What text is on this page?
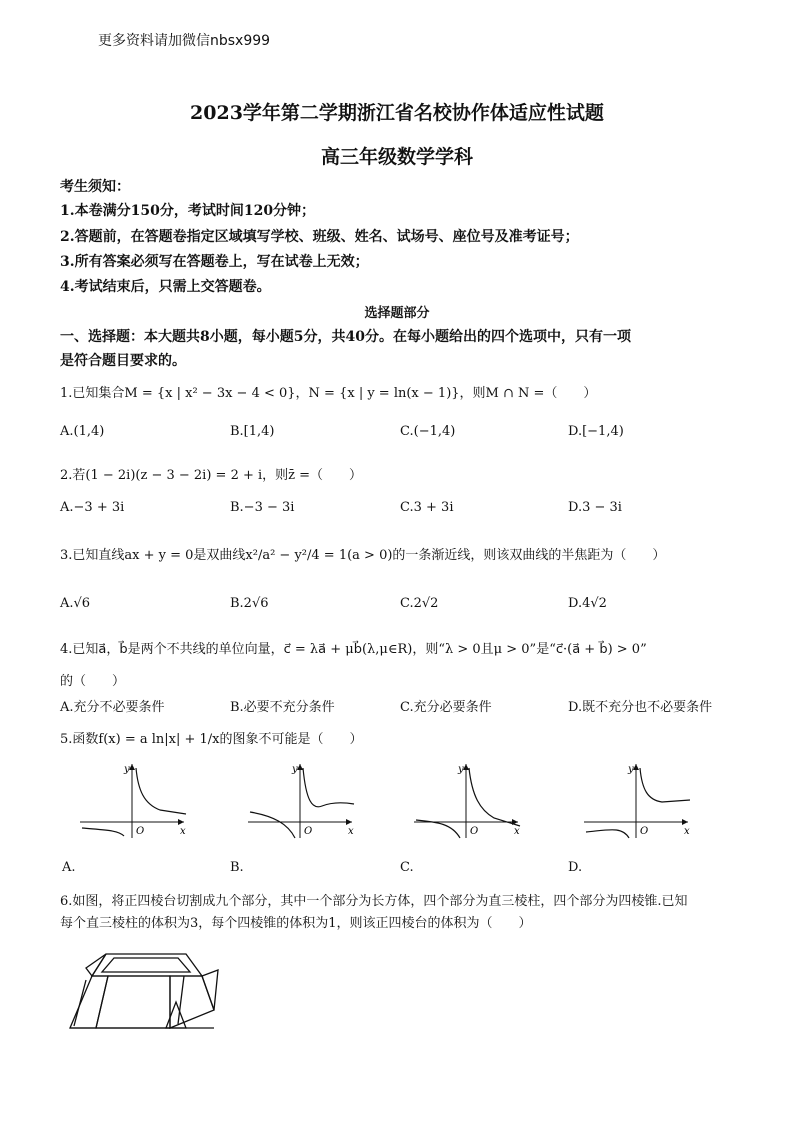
更多资料请加微信nbsx999
2023学年第二学期浙江省名校协作体适应性试题
高三年级数学学科
考生须知：
1.本卷满分150分，考试时间120分钟；
2.答题前，在答题卷指定区域填写学校、班级、姓名、试场号、座位号及准考证号；
3.所有答案必须写在答题卷上，写在试卷上无效；
4.考试结束后，只需上交答题卷。
选择题部分
一、选择题：本大题共8小题，每小题5分，共40分。在每小题给出的四个选项中，只有一项
是符合题目要求的。
1.已知集合M = {x | x² − 3x − 4 < 0}，N = {x | y = ln(x − 1)}，则M ∩ N =（　　）
A.(1,4)	B.[1,4)	C.(−1,4)	D.[−1,4)
2.若(1 − 2i)(z − 3 − 2i) = 2 + i，则z̄ =（　　）
A.−3 + 3i	B.−3 − 3i	C.3 + 3i	D.3 − 3i
3.已知直线ax + y = 0是双曲线x²/a² − y²/4 = 1(a > 0)的一条渐近线，则该双曲线的半焦距为（　　）
A.√6	B.2√6	C.2√2	D.4√2
4.已知a⃗，b⃗是两个不共线的单位向量，c⃗ = λa⃗ + μb⃗(λ,μ∈R)，则“λ > 0且μ > 0”是“c⃗·(a⃗ + b⃗) > 0”
的（　　）
A.充分不必要条件	B.必要不充分条件	C.充分必要条件	D.既不充分也不必要条件
5.函数f(x) = a ln|x| + 1/x的图象不可能是（　　）
y
x
O
A.
y
x
O
B.
y
x
O
C.
y
x
O
D.
6.如图，将正四棱台切割成九个部分，其中一个部分为长方体，四个部分为直三棱柱，四个部分为四棱锥.已知
每个直三棱柱的体积为3，每个四棱锥的体积为1，则该正四棱台的体积为（　　）
